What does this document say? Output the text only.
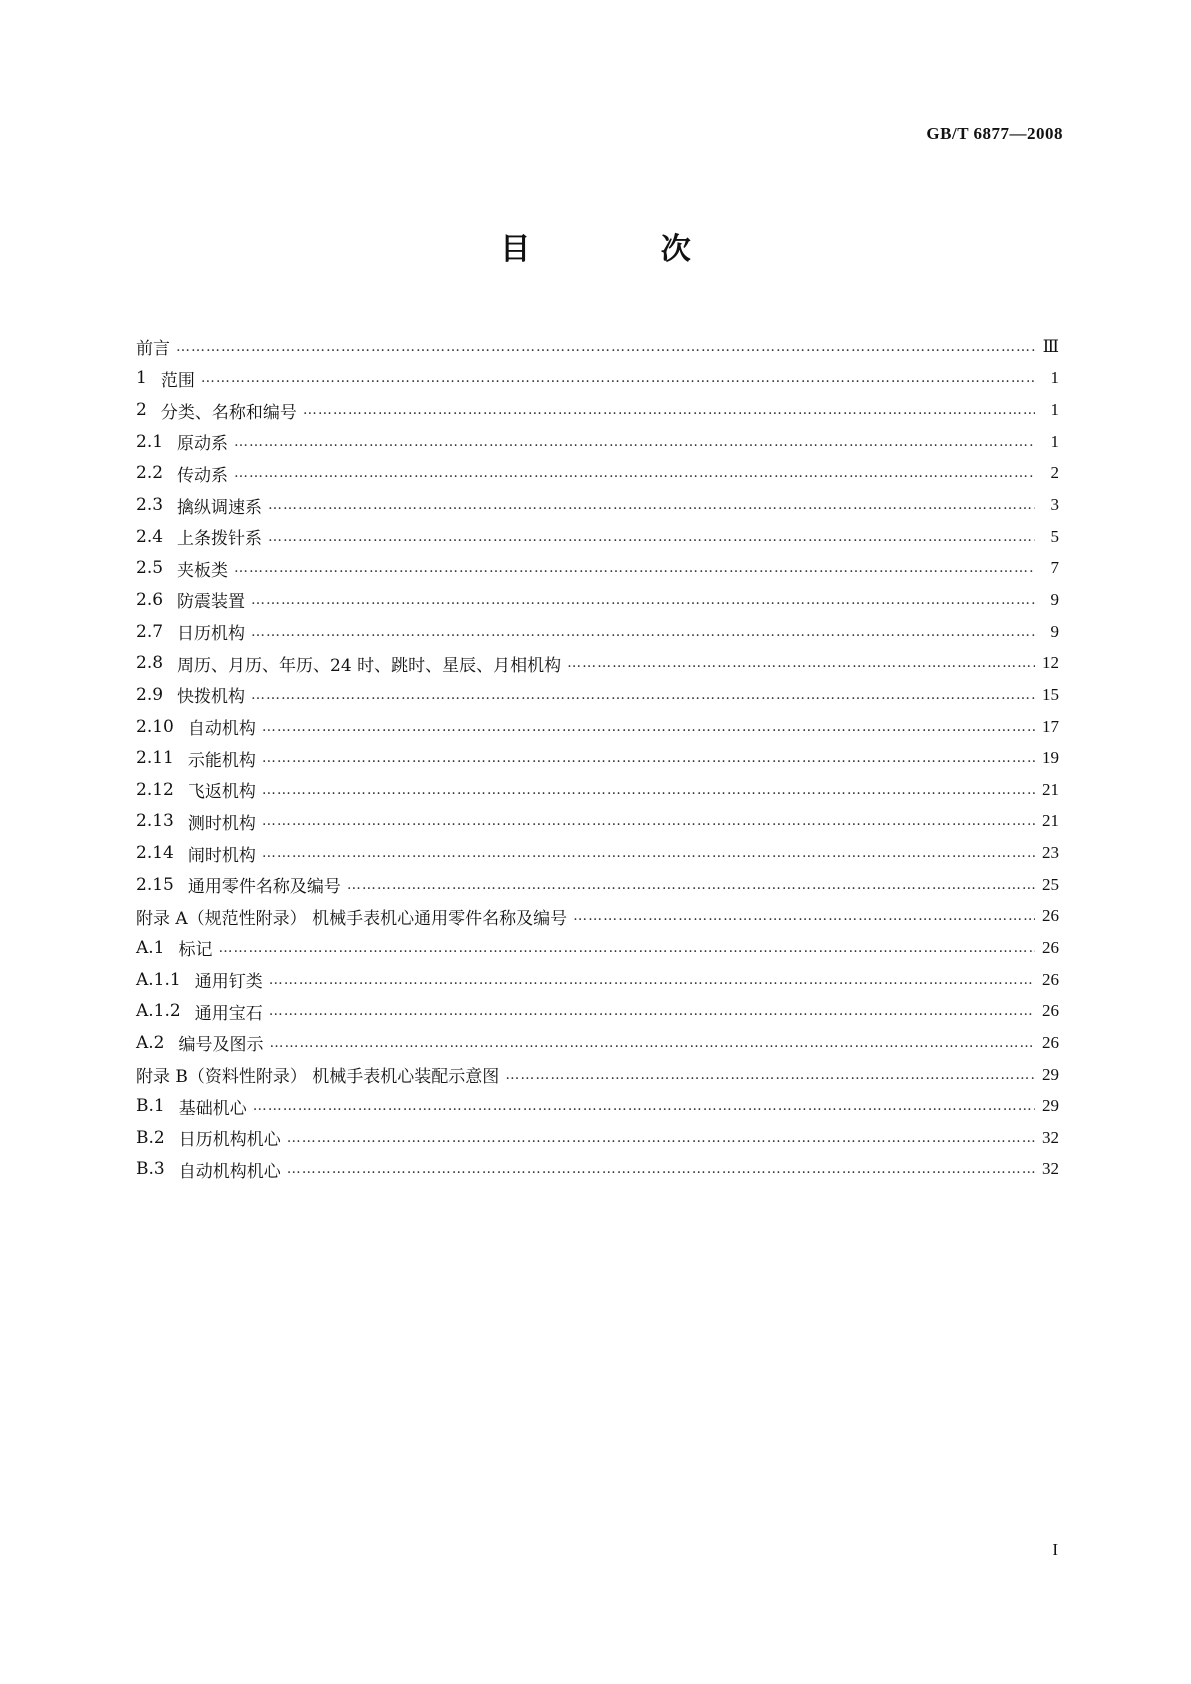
GB/T 6877—2008
目 次
前言 ……………………………………………………………………………………………………………………………………………………………………………………………………	Ⅲ
1 范围 ……………………………………………………………………………………………………………………………………………………………………………………………………	1
2 分类、名称和编号 ……………………………………………………………………………………………………………………………………………………………………………………………………	1
2.1 原动系 ……………………………………………………………………………………………………………………………………………………………………………………………………	1
2.2 传动系 ……………………………………………………………………………………………………………………………………………………………………………………………………	2
2.3 擒纵调速系 ……………………………………………………………………………………………………………………………………………………………………………………………………	3
2.4 上条拨针系 ……………………………………………………………………………………………………………………………………………………………………………………………………	5
2.5 夹板类 ……………………………………………………………………………………………………………………………………………………………………………………………………	7
2.6 防震装置 ……………………………………………………………………………………………………………………………………………………………………………………………………	9
2.7 日历机构 ……………………………………………………………………………………………………………………………………………………………………………………………………	9
2.8 周历、月历、年历、24 时、跳时、星辰、月相机构 ……………………………………………………………………………………………………………………………………………………………………………………………………	12
2.9 快拨机构 ……………………………………………………………………………………………………………………………………………………………………………………………………	15
2.10 自动机构 ……………………………………………………………………………………………………………………………………………………………………………………………………	17
2.11 示能机构 ……………………………………………………………………………………………………………………………………………………………………………………………………	19
2.12 飞返机构 ……………………………………………………………………………………………………………………………………………………………………………………………………	21
2.13 测时机构 ……………………………………………………………………………………………………………………………………………………………………………………………………	21
2.14 闹时机构 ……………………………………………………………………………………………………………………………………………………………………………………………………	23
2.15 通用零件名称及编号 ……………………………………………………………………………………………………………………………………………………………………………………………………	25
附录 A（规范性附录） 机械手表机心通用零件名称及编号 ……………………………………………………………………………………………………………………………………………………………………………………………………	26
A.1 标记 ……………………………………………………………………………………………………………………………………………………………………………………………………	26
A.1.1 通用钉类 ……………………………………………………………………………………………………………………………………………………………………………………………………	26
A.1.2 通用宝石 ……………………………………………………………………………………………………………………………………………………………………………………………………	26
A.2 编号及图示 ……………………………………………………………………………………………………………………………………………………………………………………………………	26
附录 B（资料性附录） 机械手表机心装配示意图 ……………………………………………………………………………………………………………………………………………………………………………………………………	29
B.1 基础机心 ……………………………………………………………………………………………………………………………………………………………………………………………………	29
B.2 日历机构机心 ……………………………………………………………………………………………………………………………………………………………………………………………………	32
B.3 自动机构机心 ……………………………………………………………………………………………………………………………………………………………………………………………………	32
I
